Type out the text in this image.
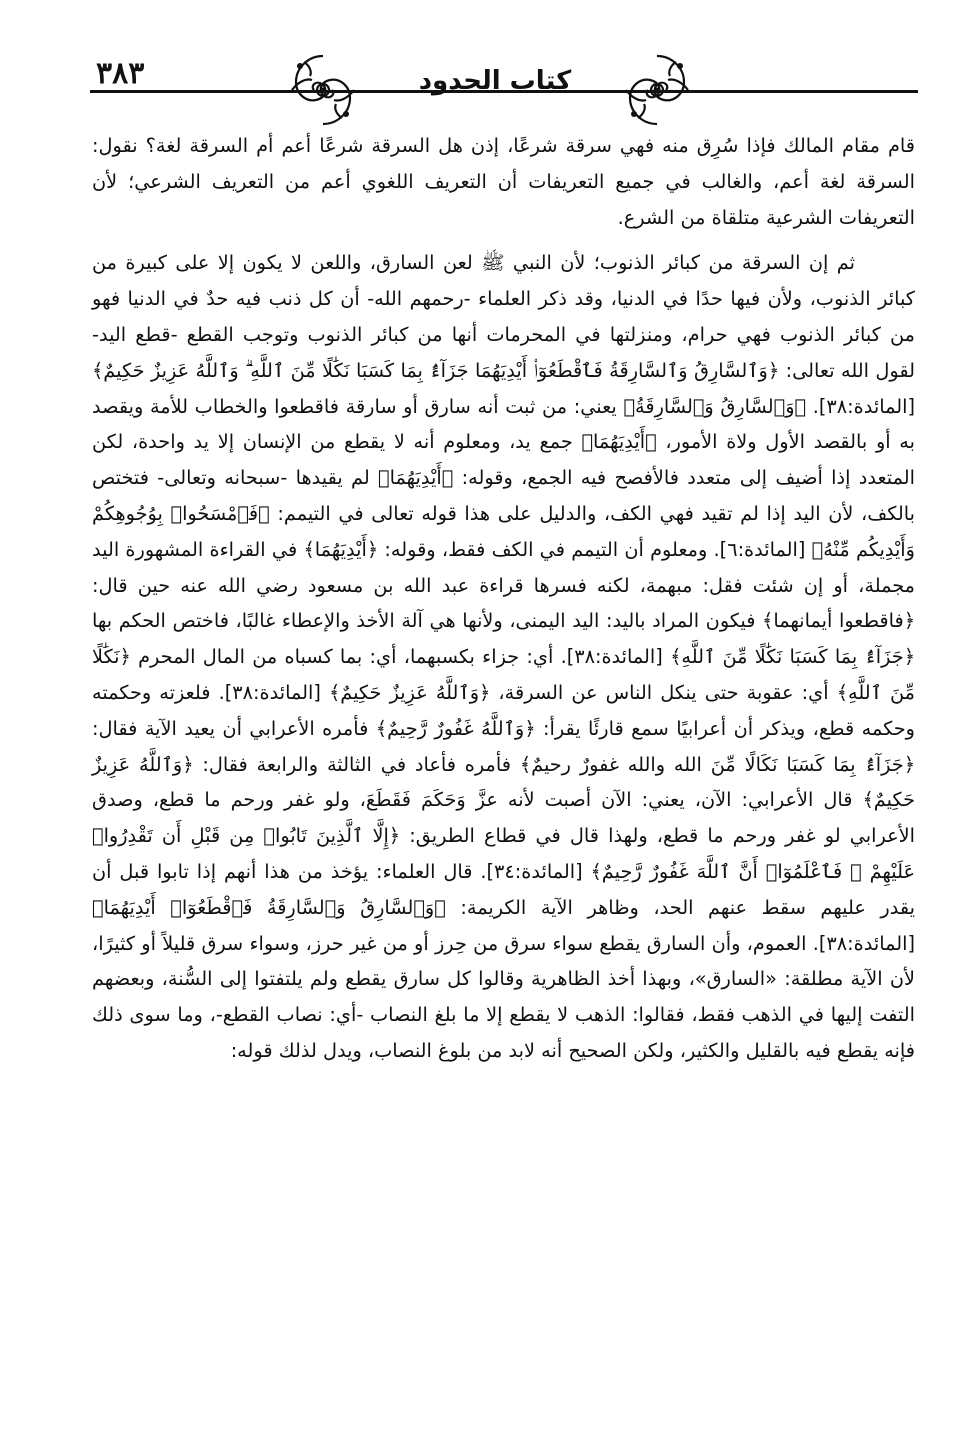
٣٨٣	كتاب الحدود

قام مقام المالك فإذا سُرِق منه فهي سرقة شرعًا، إذن هل السرقة شرعًا أعم أم السرقة لغة؟ نقول: السرقة لغة أعم، والغالب في جميع التعريفات أن التعريف اللغوي أعم من التعريف الشرعي؛ لأن التعريفات الشرعية متلقاة من الشرع.

ثم إن السرقة من كبائر الذنوب؛ لأن النبي ﷺ لعن السارق، واللعن لا يكون إلا على كبيرة من كبائر الذنوب، ولأن فيها حدًا في الدنيا، وقد ذكر العلماء -رحمهم الله- أن كل ذنب فيه حدٌ في الدنيا فهو من كبائر الذنوب فهي حرام، ومنزلتها في المحرمات أنها من كبائر الذنوب وتوجب القطع -قطع اليد- لقول الله تعالى: ﴿وَٱلسَّارِقُ وَٱلسَّارِقَةُ فَٱقْطَعُوٓا۟ أَيْدِيَهُمَا جَزَآءًۢ بِمَا كَسَبَا نَكَٰلًا مِّنَ ٱللَّهِ ۗ وَٱللَّهُ عَزِيزٌ حَكِيمٌ﴾ [المائدة:٣٨]. ﴿وَٱلسَّارِقُ وَٱلسَّارِقَةُ﴾ يعني: من ثبت أنه سارق أو سارقة فاقطعوا والخطاب للأمة ويقصد به أو بالقصد الأول ولاة الأمور، ﴿أَيْدِيَهُمَا﴾ جمع يد، ومعلوم أنه لا يقطع من الإنسان إلا يد واحدة، لكن المتعدد إذا أضيف إلى متعدد فالأفصح فيه الجمع، وقوله: ﴿أَيْدِيَهُمَا﴾ لم يقيدها -سبحانه وتعالى- فتختص بالكف، لأن اليد إذا لم تقيد فهي الكف، والدليل على هذا قوله تعالى في التيمم: ﴿فَٱمْسَحُوا۟ بِوُجُوهِكُمْ وَأَيْدِيكُم مِّنْهُ﴾ [المائدة:٦]. ومعلوم أن التيمم في الكف فقط، وقوله: ﴿أَيْدِيَهُمَا﴾ في القراءة المشهورة اليد مجملة، أو إن شئت فقل: مبهمة، لكنه فسرها قراءة عبد الله بن مسعود رضي الله عنه حين قال: ﴿فاقطعوا أيمانهما﴾ فيكون المراد باليد: اليد اليمنى، ولأنها هي آلة الأخذ والإعطاء غالبًا، فاختص الحكم بها ﴿جَزَآءًۢ بِمَا كَسَبَا نَكَٰلًا مِّنَ ٱللَّهِ﴾ [المائدة:٣٨]. أي: جزاء بكسبهما، أي: بما كسباه من المال المحرم ﴿نَكَٰلًا مِّنَ ٱللَّهِ﴾ أي: عقوبة حتى ينكل الناس عن السرقة، ﴿وَٱللَّهُ عَزِيزٌ حَكِيمٌ﴾ [المائدة:٣٨]. فلعزته وحكمته وحكمه قطع، ويذكر أن أعرابيًا سمع قارئًا يقرأ: ﴿وَٱللَّهُ غَفُورٌ رَّحِيمٌ﴾ فأمره الأعرابي أن يعيد الآية فقال: ﴿جَزَآءًۢ بِمَا كَسَبَا نَكَالًا مِّنَ الله والله غفورٌ رحيمٌ﴾ فأمره فأعاد في الثالثة والرابعة فقال: ﴿وَٱللَّهُ عَزِيزٌ حَكِيمٌ﴾ قال الأعرابي: الآن، يعني: الآن أصبت لأنه عزَّ وَحَكَمَ فَقَطَعَ، ولو غفر ورحم ما قطع، وصدق الأعرابي لو غفر ورحم ما قطع، ولهذا قال في قطاع الطريق: ﴿إِلَّا ٱلَّذِينَ تَابُوا۟ مِن قَبْلِ أَن تَقْدِرُوا۟ عَلَيْهِمْ ۖ فَٱعْلَمُوٓا۟ أَنَّ ٱللَّهَ غَفُورٌ رَّحِيمٌ﴾ [المائدة:٣٤]. قال العلماء: يؤخذ من هذا أنهم إذا تابوا قبل أن يقدر عليهم سقط عنهم الحد، وظاهر الآية الكريمة: ﴿وَٱلسَّارِقُ وَٱلسَّارِقَةُ فَٱقْطَعُوٓا۟ أَيْدِيَهُمَا﴾ [المائدة:٣٨]. العموم، وأن السارق يقطع سواء سرق من حِرز أو من غير حرز، وسواء سرق قليلاً أو كثيرًا، لأن الآية مطلقة: «السارق»، وبهذا أخذ الظاهرية وقالوا كل سارق يقطع ولم يلتفتوا إلى السُّنة، وبعضهم التفت إليها في الذهب فقط، فقالوا: الذهب لا يقطع إلا ما بلغ النصاب -أي: نصاب القطع-، وما سوى ذلك فإنه يقطع فيه بالقليل والكثير، ولكن الصحيح أنه لابد من بلوغ النصاب، ويدل لذلك قوله:
